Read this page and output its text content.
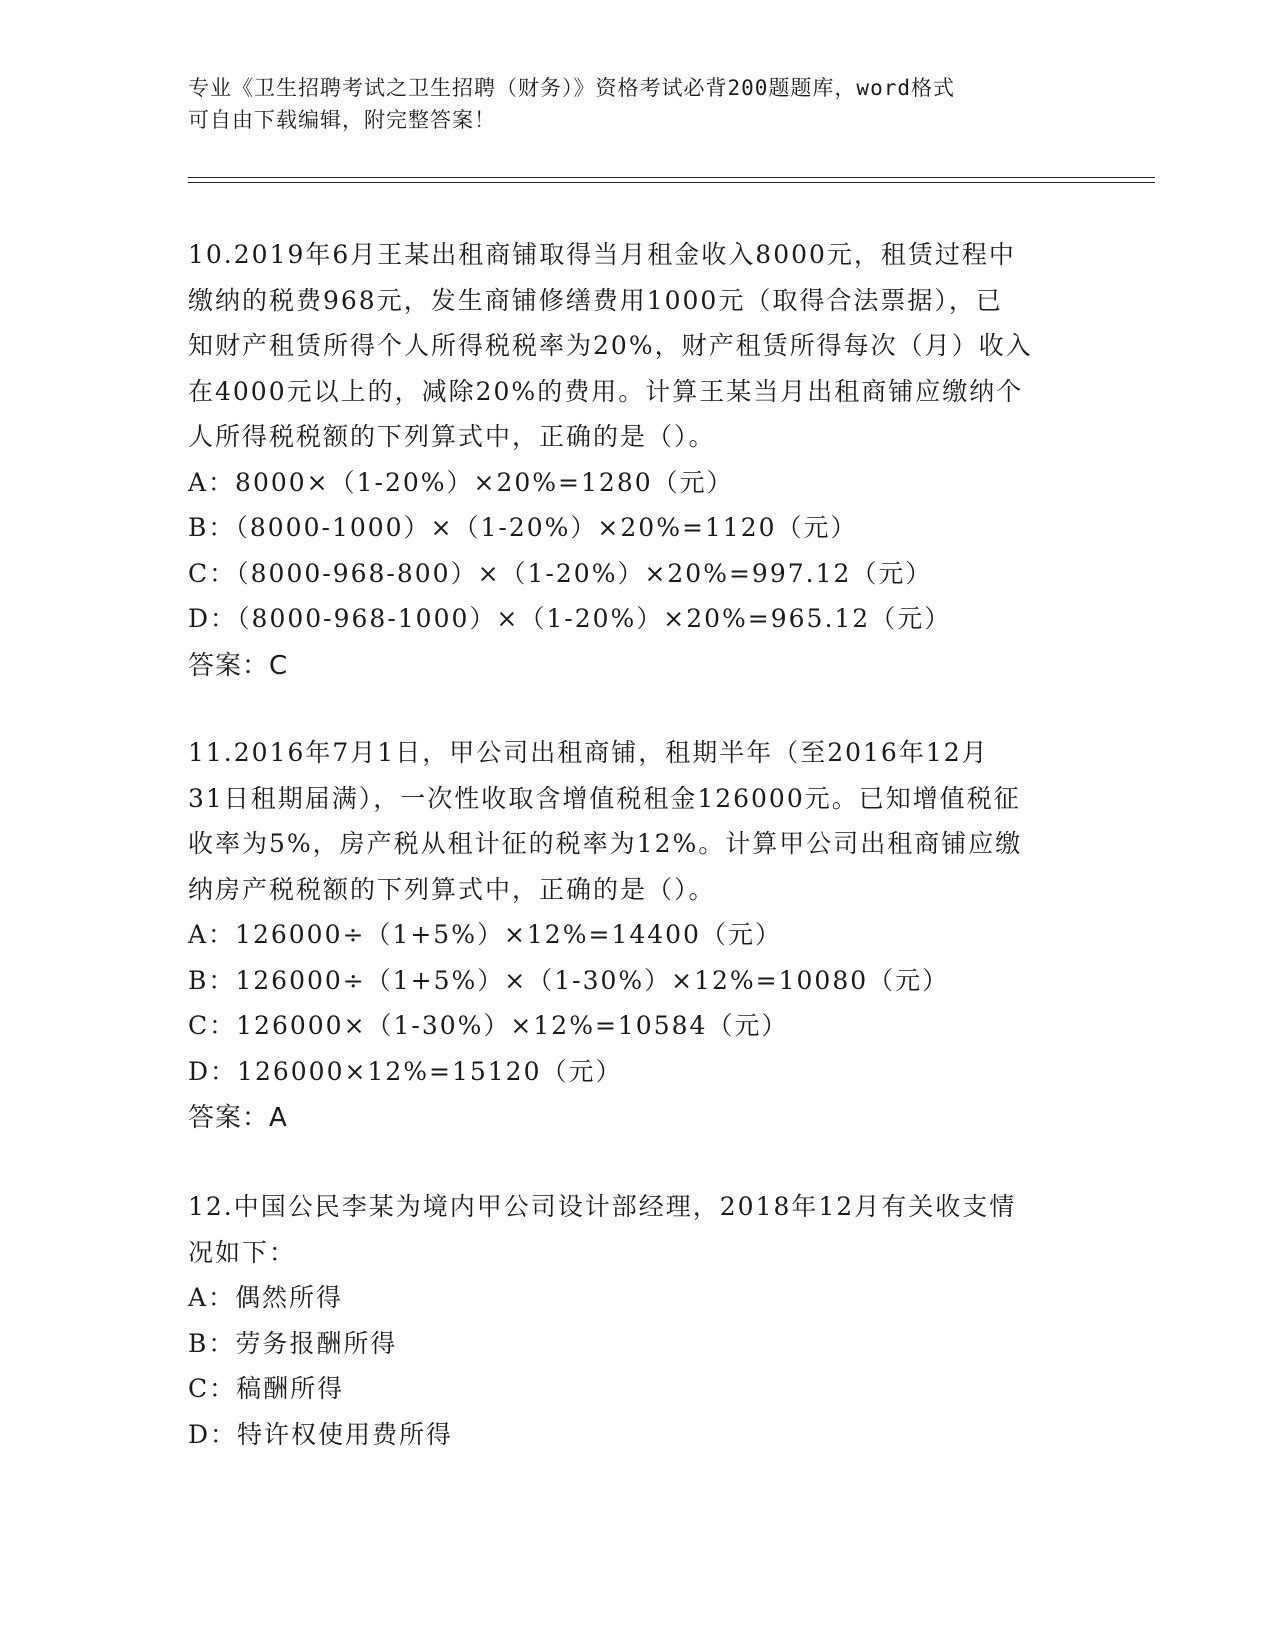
专业《卫生招聘考试之卫生招聘（财务）》资格考试必背200题题库，word格式
可自由下载编辑，附完整答案！
10.2019年6月王某出租商铺取得当月租金收入8000元，租赁过程中
缴纳的税费968元，发生商铺修缮费用1000元（取得合法票据），已
知财产租赁所得个人所得税税率为20%，财产租赁所得每次（月）收入
在4000元以上的，减除20%的费用。计算王某当月出租商铺应缴纳个
人所得税税额的下列算式中，正确的是（）。
A：8000×（1-20%）×20%=1280（元）
B：（8000-1000）×（1-20%）×20%=1120（元）
C：（8000-968-800）×（1-20%）×20%=997.12（元）
D：（8000-968-1000）×（1-20%）×20%=965.12（元）
答案：C
11.2016年7月1日，甲公司出租商铺，租期半年（至2016年12月
31日租期届满），一次性收取含增值税租金126000元。已知增值税征
收率为5%，房产税从租计征的税率为12%。计算甲公司出租商铺应缴
纳房产税税额的下列算式中，正确的是（）。
A：126000÷（1+5%）×12%=14400（元）
B：126000÷（1+5%）×（1-30%）×12%=10080（元）
C：126000×（1-30%）×12%=10584（元）
D：126000×12%=15120（元）
答案：A
12.中国公民李某为境内甲公司设计部经理，2018年12月有关收支情
况如下：
A：偶然所得
B：劳务报酬所得
C：稿酬所得
D：特许权使用费所得
